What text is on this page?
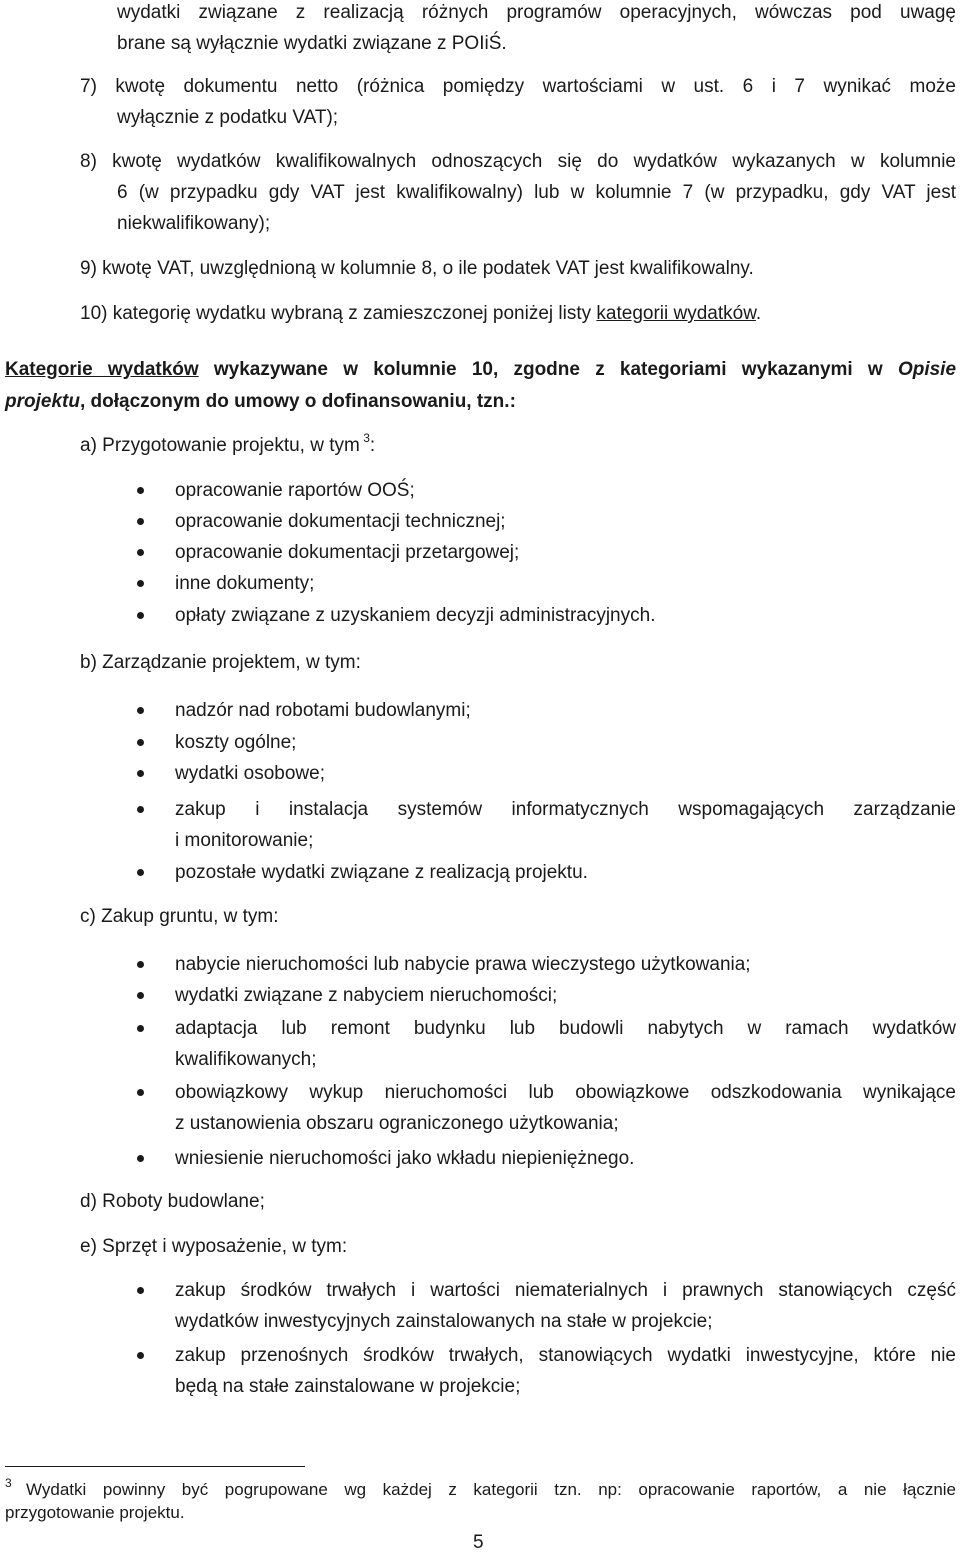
wydatki związane z realizacją różnych programów operacyjnych, wówczas pod uwagę
brane są wyłącznie wydatki związane z POIiŚ.
7) kwotę dokumentu netto (różnica pomiędzy wartościami w ust. 6 i 7 wynikać może
wyłącznie z podatku VAT);
8) kwotę wydatków kwalifikowalnych odnoszących się do wydatków wykazanych w kolumnie
6 (w przypadku gdy VAT jest kwalifikowalny) lub w kolumnie 7 (w przypadku, gdy VAT jest
niekwalifikowany);
9) kwotę VAT, uwzględnioną w kolumnie 8, o ile podatek VAT jest kwalifikowalny.
10) kategorię wydatku wybraną z zamieszczonej poniżej listy kategorii wydatków.
Kategorie wydatków wykazywane w kolumnie 10, zgodne z kategoriami wykazanymi w Opisie
projektu, dołączonym do umowy o dofinansowaniu, tzn.:
a) Przygotowanie projektu, w tym $^3$:
opracowanie raportów OOŚ;
opracowanie dokumentacji technicznej;
opracowanie dokumentacji przetargowej;
inne dokumenty;
opłaty związane z uzyskaniem decyzji administracyjnych.
b) Zarządzanie projektem, w tym:
nadzór nad robotami budowlanymi;
koszty ogólne;
wydatki osobowe;
zakup i instalacja systemów informatycznych wspomagających zarządzanie
i monitorowanie;
pozostałe wydatki związane z realizacją projektu.
c) Zakup gruntu, w tym:
nabycie nieruchomości lub nabycie prawa wieczystego użytkowania;
wydatki związane z nabyciem nieruchomości;
adaptacja lub remont budynku lub budowli nabytych w ramach wydatków
kwalifikowanych;
obowiązkowy wykup nieruchomości lub obowiązkowe odszkodowania wynikające
z ustanowienia obszaru ograniczonego użytkowania;
wniesienie nieruchomości jako wkładu niepieniężnego.
d) Roboty budowlane;
e) Sprzęt i wyposażenie, w tym:
zakup środków trwałych i wartości niematerialnych i prawnych stanowiących część
wydatków inwestycyjnych zainstalowanych na stałe w projekcie;
zakup przenośnych środków trwałych, stanowiących wydatki inwestycyjne, które nie
będą na stałe zainstalowane w projekcie;
3 Wydatki powinny być pogrupowane wg każdej z kategorii tzn. np: opracowanie raportów, a nie łącznie
przygotowanie projektu.
5
